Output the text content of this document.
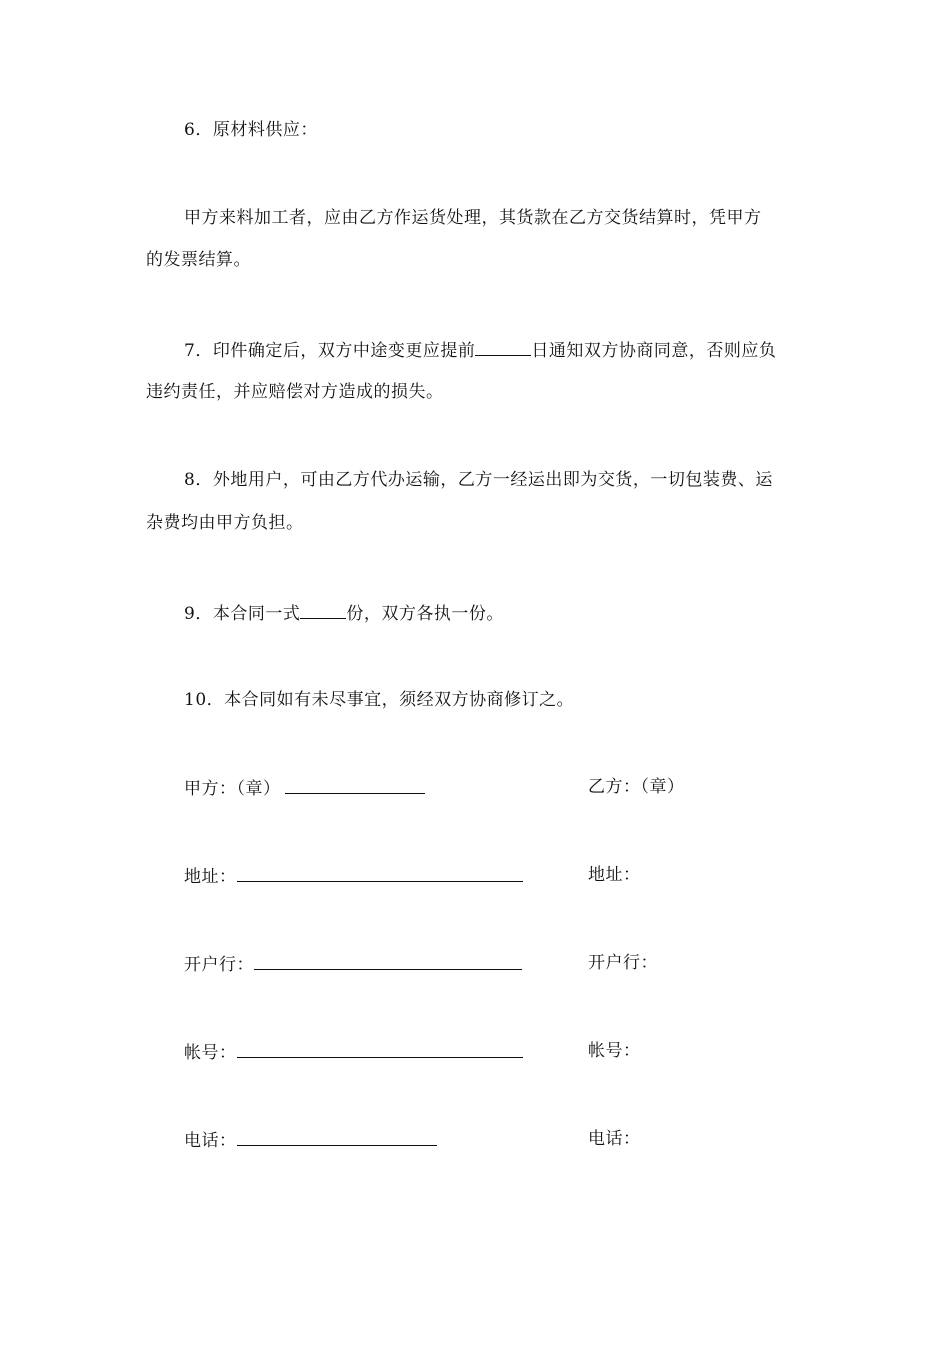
6．原材料供应：
甲方来料加工者，应由乙方作运货处理，其货款在乙方交货结算时，凭甲方
的发票结算。
7．印件确定后，双方中途变更应提前	日通知双方协商同意，否则应负
违约责任，并应赔偿对方造成的损失。
8．外地用户，可由乙方代办运输，乙方一经运出即为交货，一切包装费、运
杂费均由甲方负担。
9．本合同一式	份，双方各执一份。
10．本合同如有未尽事宜，须经双方协商修订之。
甲方：（章）
地址：
开户行：
帐号：
电话：
乙方：（章）
地址：
开户行：
帐号：
电话：
